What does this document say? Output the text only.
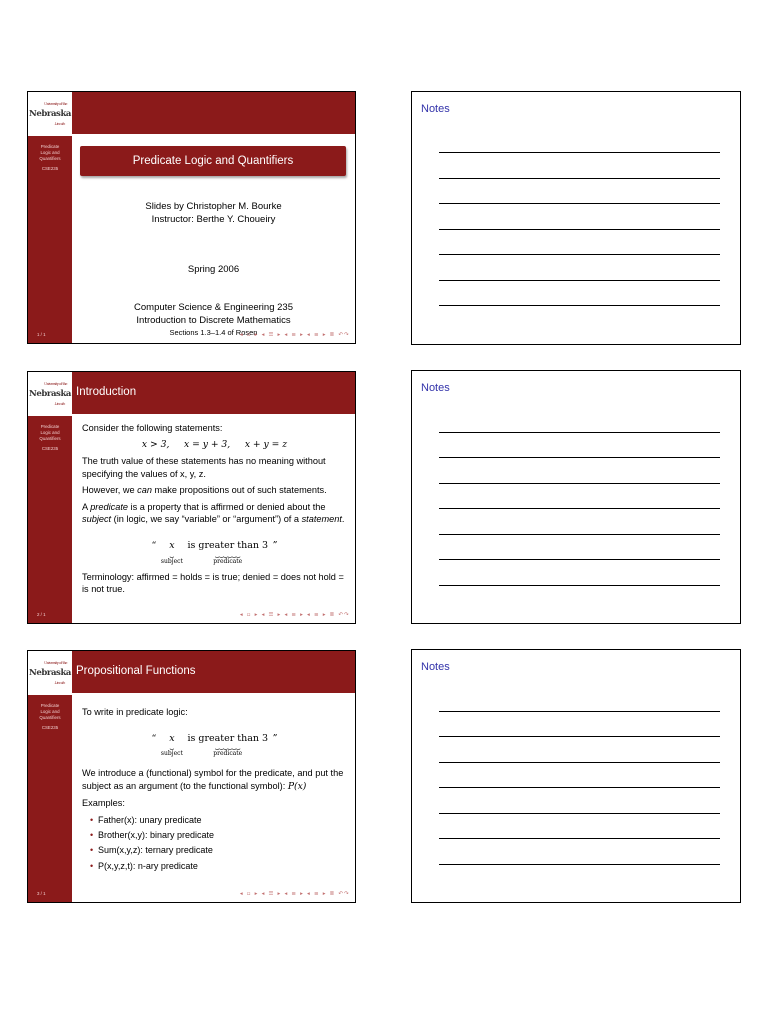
University of the
Nebraska
Lincoln
Predicate
Logic and
Quantifiers
CSE235
1 / 1
Predicate Logic and Quantifiers
Slides by Christopher M. Bourke
Instructor: Berthe Y. Choueiry
Spring 2006
Computer Science & Engineering 235
Introduction to Discrete Mathematics
Sections 1.3–1.4 of Rosen
◂ ▫ ▸ ◂ ☰ ▸ ◂ ≡ ▸ ◂ ≡ ▸ ≣ ↶↷
Notes
University of the
Nebraska
Lincoln
Predicate
Logic and
Quantifiers
CSE235
2 / 1
Introduction

Consider the following statements:

x > 3, x = y + 3, x + y = z

The truth value of these statements has no meaning without specifying the values of x, y, z.

However, we can make propositions out of such statements.

A predicate is a property that is affirmed or denied about the subject (in logic, we say “variable” or “argument”) of a statement.

“
x
⏟
subject

is greater than 3
⏟⏟⏟⏟⏟⏟
predicate

”

Terminology: affirmed = holds = is true; denied = does not hold = is not true.

◂ ▫ ▸ ◂ ☰ ▸ ◂ ≡ ▸ ◂ ≡ ▸ ≣ ↶↷
Notes
University of the
Nebraska
Lincoln
Predicate
Logic and
Quantifiers
CSE235
3 / 1
Propositional Functions

To write in predicate logic:

“
x
⏟
subject

is greater than 3
⏟⏟⏟⏟⏟⏟
predicate

”

We introduce a (functional) symbol for the predicate, and put the subject as an argument (to the functional symbol): P(x)

Examples:

• Father(x): unary predicate
• Brother(x,y): binary predicate
• Sum(x,y,z): ternary predicate
• P(x,y,z,t): n-ary predicate
◂ ▫ ▸ ◂ ☰ ▸ ◂ ≡ ▸ ◂ ≡ ▸ ≣ ↶↷
Notes
